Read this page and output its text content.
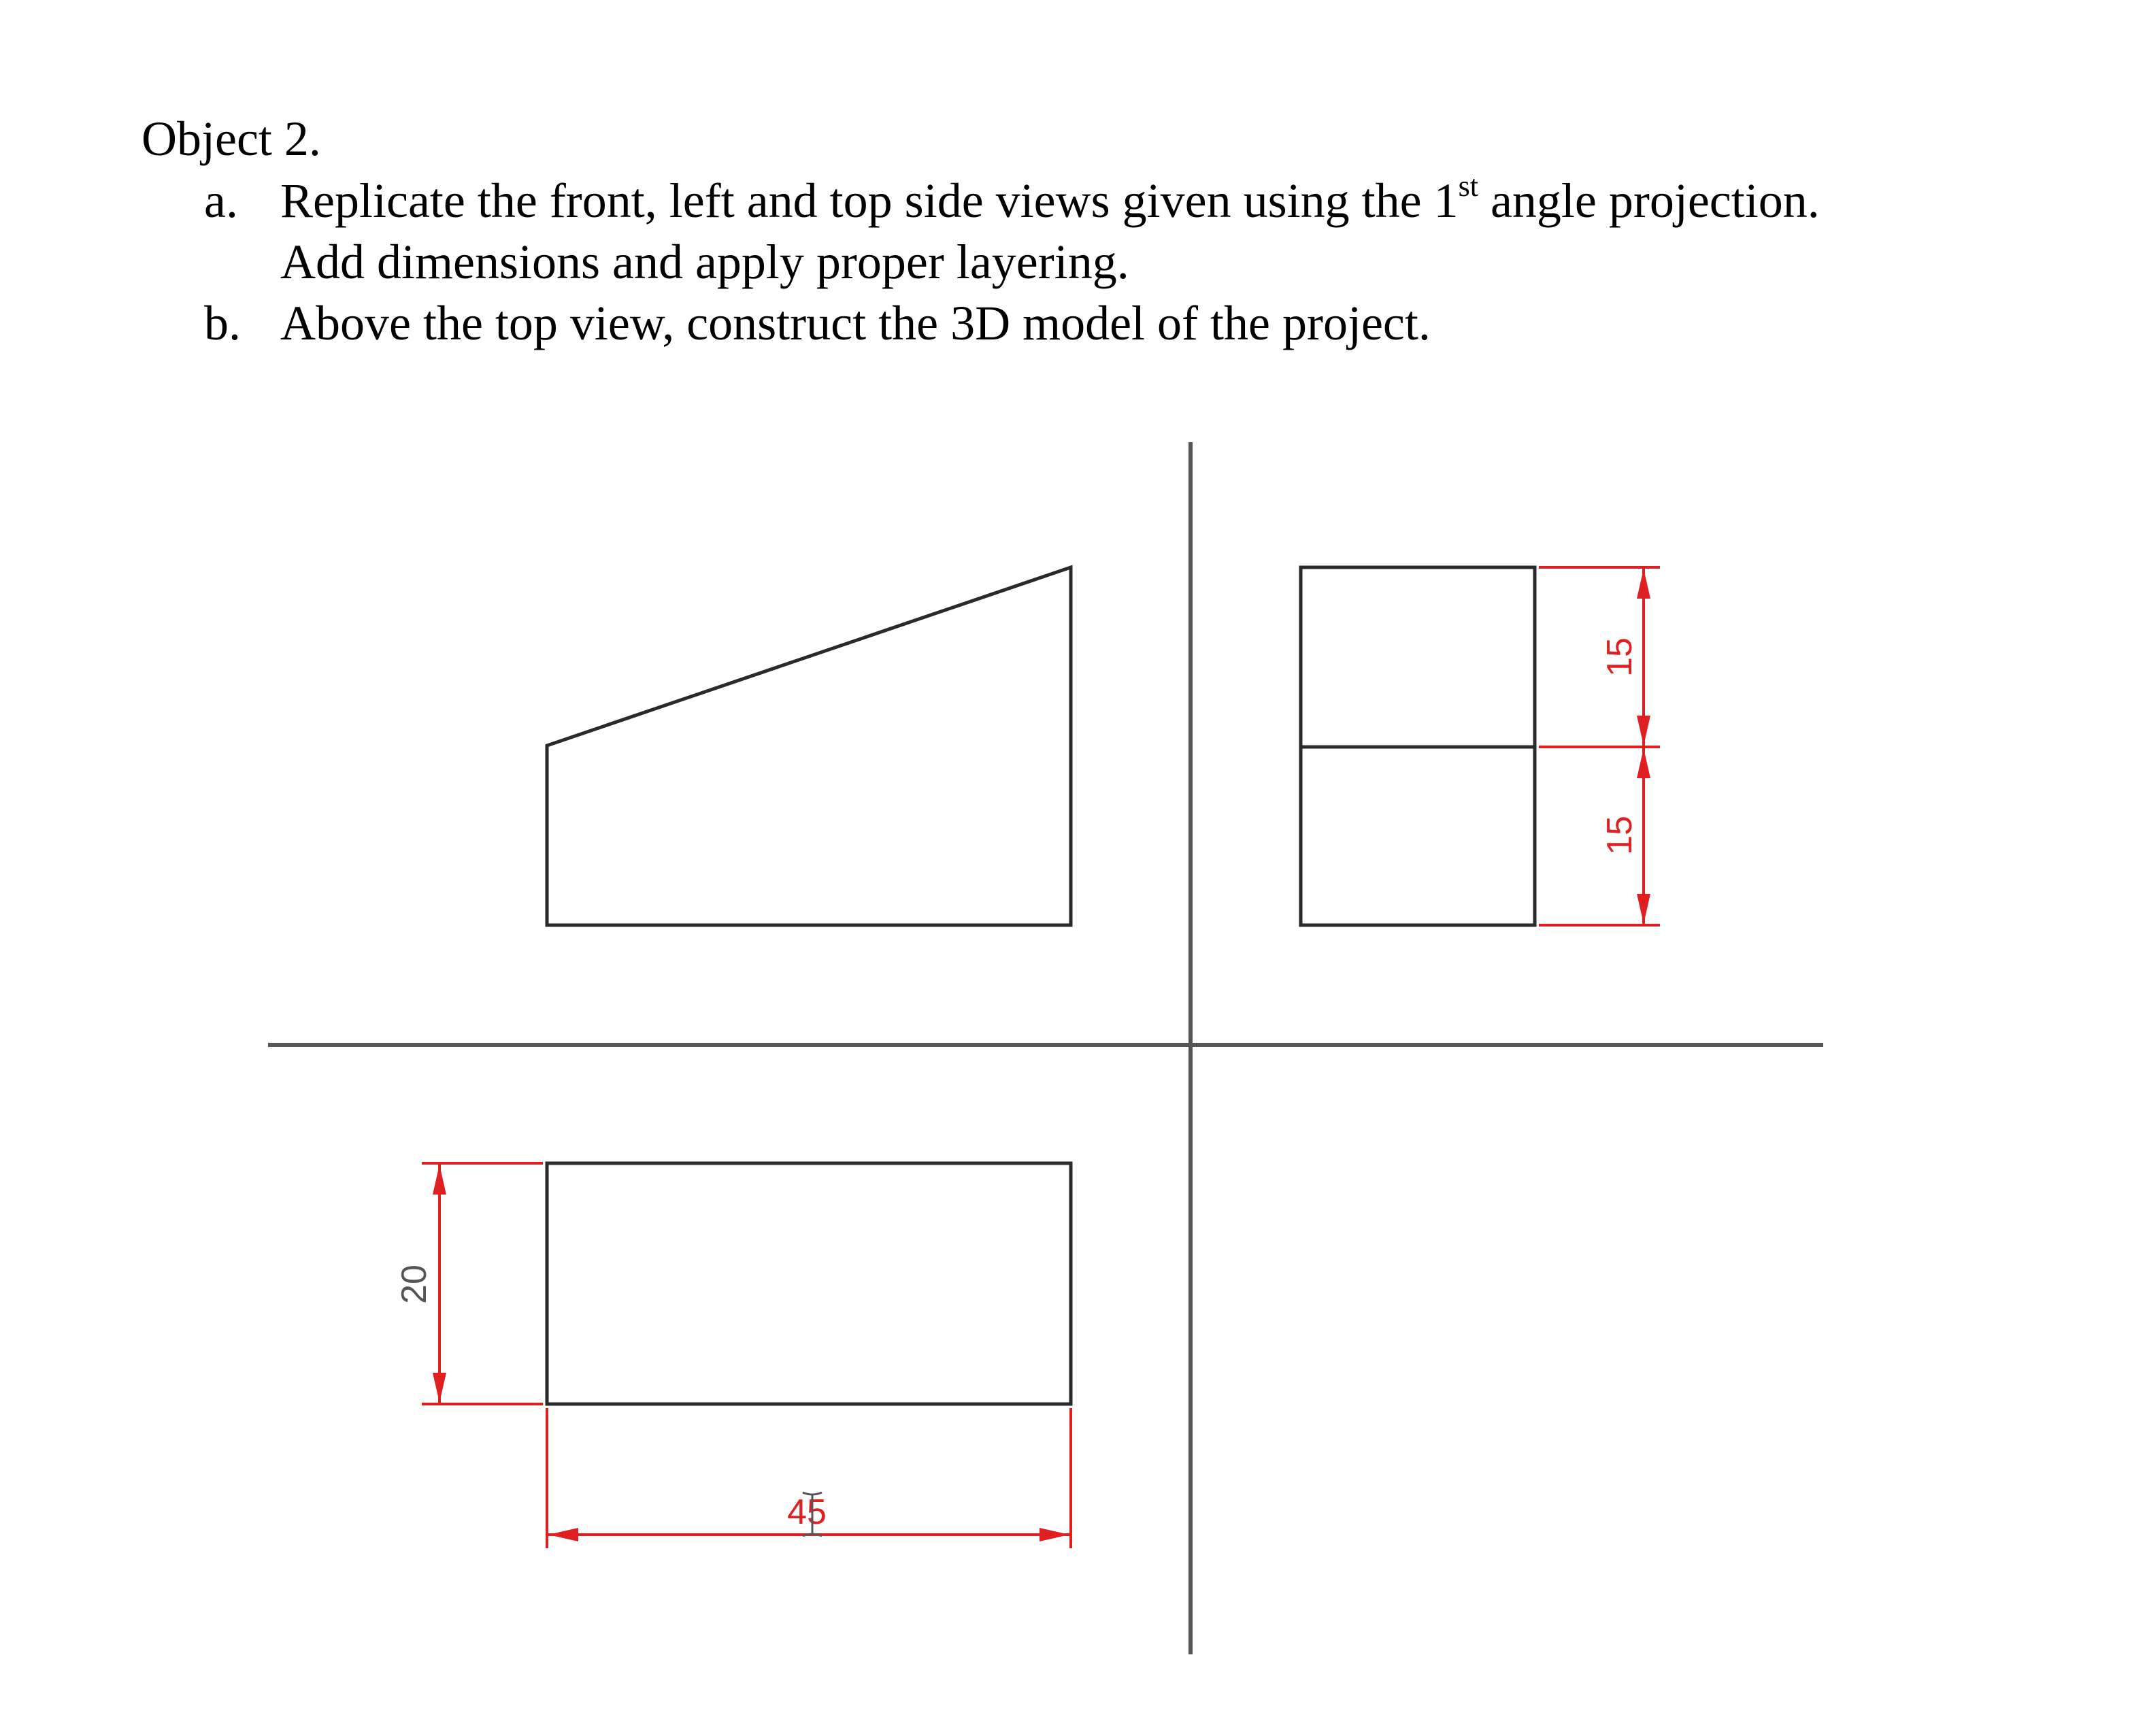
Object 2.
a. Replicate the front, left and top side views given using the 1st angle projection. Add dimensions and apply proper layering.
b. Above the top view, construct the 3D model of the project.
15
15
20
45
